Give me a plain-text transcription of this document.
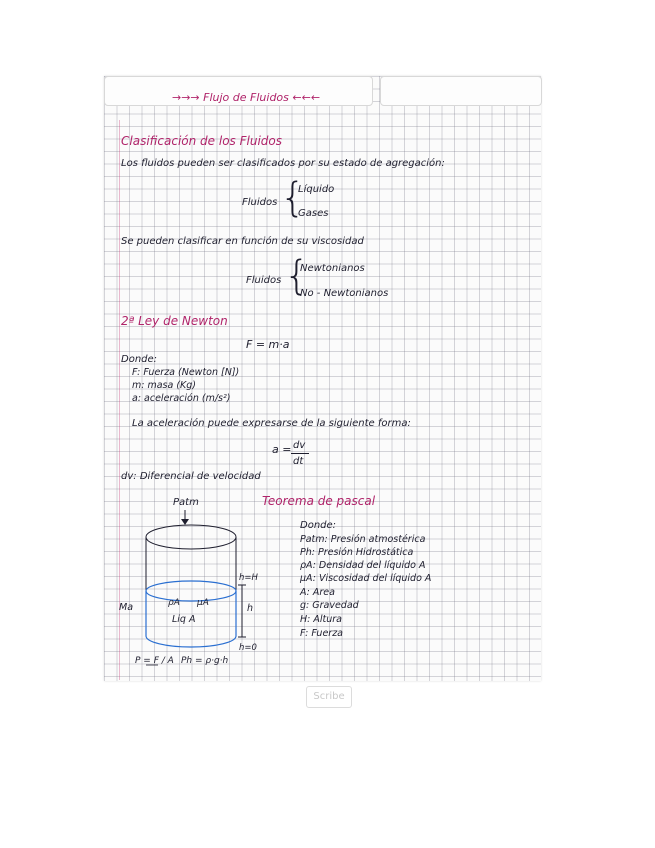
→→→ Flujo de Fluidos ←←←
Clasificación de los Fluidos
Los fluidos pueden ser clasificados por su estado de agregación:
Fluidos {
Líquido
Gases
Se pueden clasificar en función de su viscosidad
Fluidos {
Newtonianos
No - Newtonianos
2ª Ley de Newton
F = m·a
Donde:
F: Fuerza (Newton [N])
m: masa (Kg)
a: aceleración (m/s²)
La aceleración puede expresarse de la siguiente forma:
a = dv
dt
dv: Diferencial de velocidad
Teorema de pascal
Patm
Donde:
Patm: Presión atmostérica
Ph: Presión Hidrostática
ρA: Densidad del líquido A
μA: Viscosidad del líquido A
A: Area
g: Gravedad
H: Altura
F: Fuerza
Ma	ρA μA
Liq A
h=H
h
h=0
P = F / A Ph = ρ·g·h
Scribe
